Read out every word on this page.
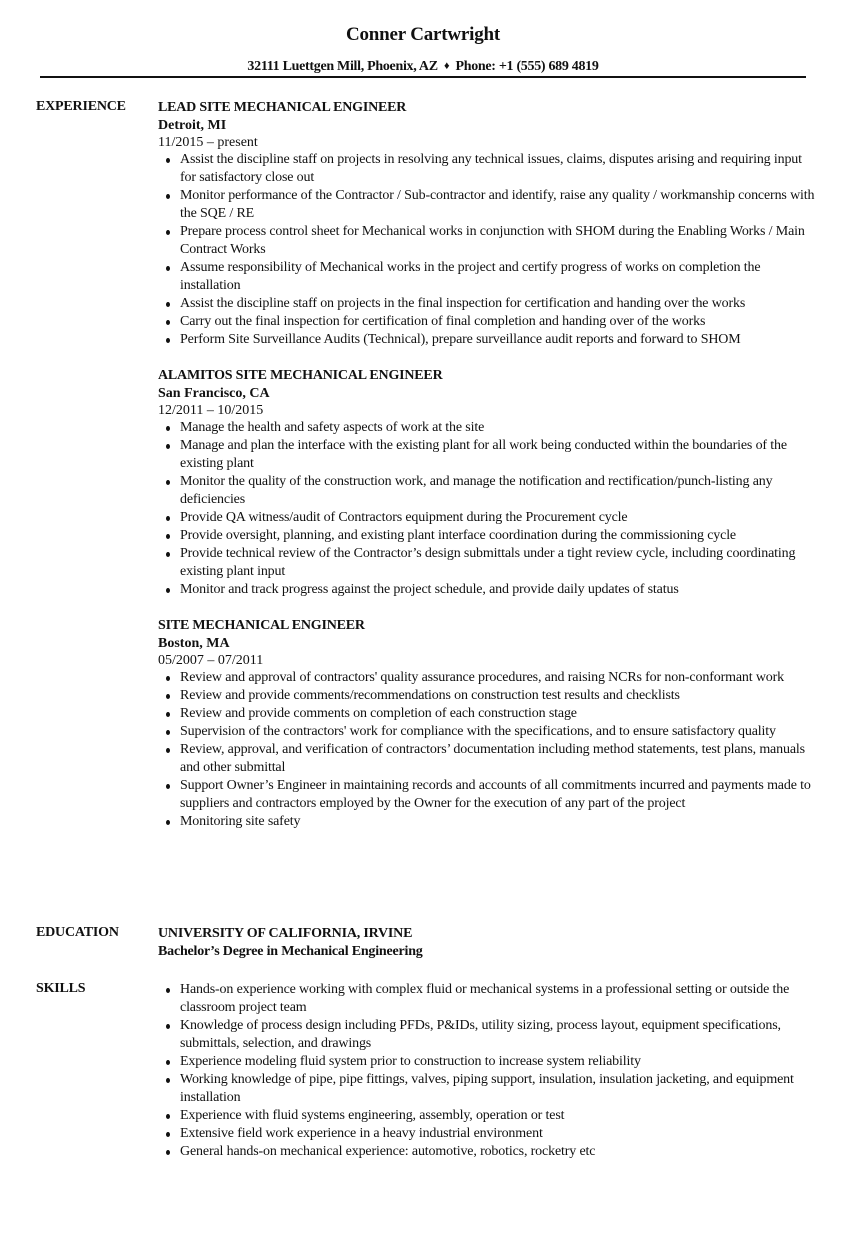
Conner Cartwright
32111 Luettgen Mill, Phoenix, AZ ♦ Phone: +1 (555) 689 4819
EXPERIENCE LEAD SITE MECHANICAL ENGINEER
Detroit, MI
11/2015 – present
Assist the discipline staff on projects in resolving any technical issues, claims, disputes arising and requiring input for satisfactory close out
Monitor performance of the Contractor / Sub-contractor and identify, raise any quality / workmanship concerns with the SQE / RE
Prepare process control sheet for Mechanical works in conjunction with SHOM during the Enabling Works / Main Contract Works
Assume responsibility of Mechanical works in the project and certify progress of works on completion the installation
Assist the discipline staff on projects in the final inspection for certification and handing over the works
Carry out the final inspection for certification of final completion and handing over of the works
Perform Site Surveillance Audits (Technical), prepare surveillance audit reports and forward to SHOM
ALAMITOS SITE MECHANICAL ENGINEER
San Francisco, CA
12/2011 – 10/2015
Manage the health and safety aspects of work at the site
Manage and plan the interface with the existing plant for all work being conducted within the boundaries of the existing plant
Monitor the quality of the construction work, and manage the notification and rectification/punch-listing any deficiencies
Provide QA witness/audit of Contractors equipment during the Procurement cycle
Provide oversight, planning, and existing plant interface coordination during the commissioning cycle
Provide technical review of the Contractor’s design submittals under a tight review cycle, including coordinating existing plant input
Monitor and track progress against the project schedule, and provide daily updates of status
SITE MECHANICAL ENGINEER
Boston, MA
05/2007 – 07/2011
Review and approval of contractors' quality assurance procedures, and raising NCRs for non-conformant work
Review and provide comments/recommendations on construction test results and checklists
Review and provide comments on completion of each construction stage
Supervision of the contractors' work for compliance with the specifications, and to ensure satisfactory quality
Review, approval, and verification of contractors’ documentation including method statements, test plans, manuals and other submittal
Support Owner’s Engineer in maintaining records and accounts of all commitments incurred and payments made to suppliers and contractors employed by the Owner for the execution of any part of the project
Monitoring site safety
EDUCATION	UNIVERSITY OF CALIFORNIA, IRVINE
Bachelor’s Degree in Mechanical Engineering
SKILLS	Hands-on experience working with complex fluid or mechanical systems in a professional setting or outside the classroom project team
Knowledge of process design including PFDs, P&IDs, utility sizing, process layout, equipment specifications, submittals, selection, and drawings
Experience modeling fluid system prior to construction to increase system reliability
Working knowledge of pipe, pipe fittings, valves, piping support, insulation, insulation jacketing, and equipment installation
Experience with fluid systems engineering, assembly, operation or test
Extensive field work experience in a heavy industrial environment
General hands-on mechanical experience: automotive, robotics, rocketry etc
